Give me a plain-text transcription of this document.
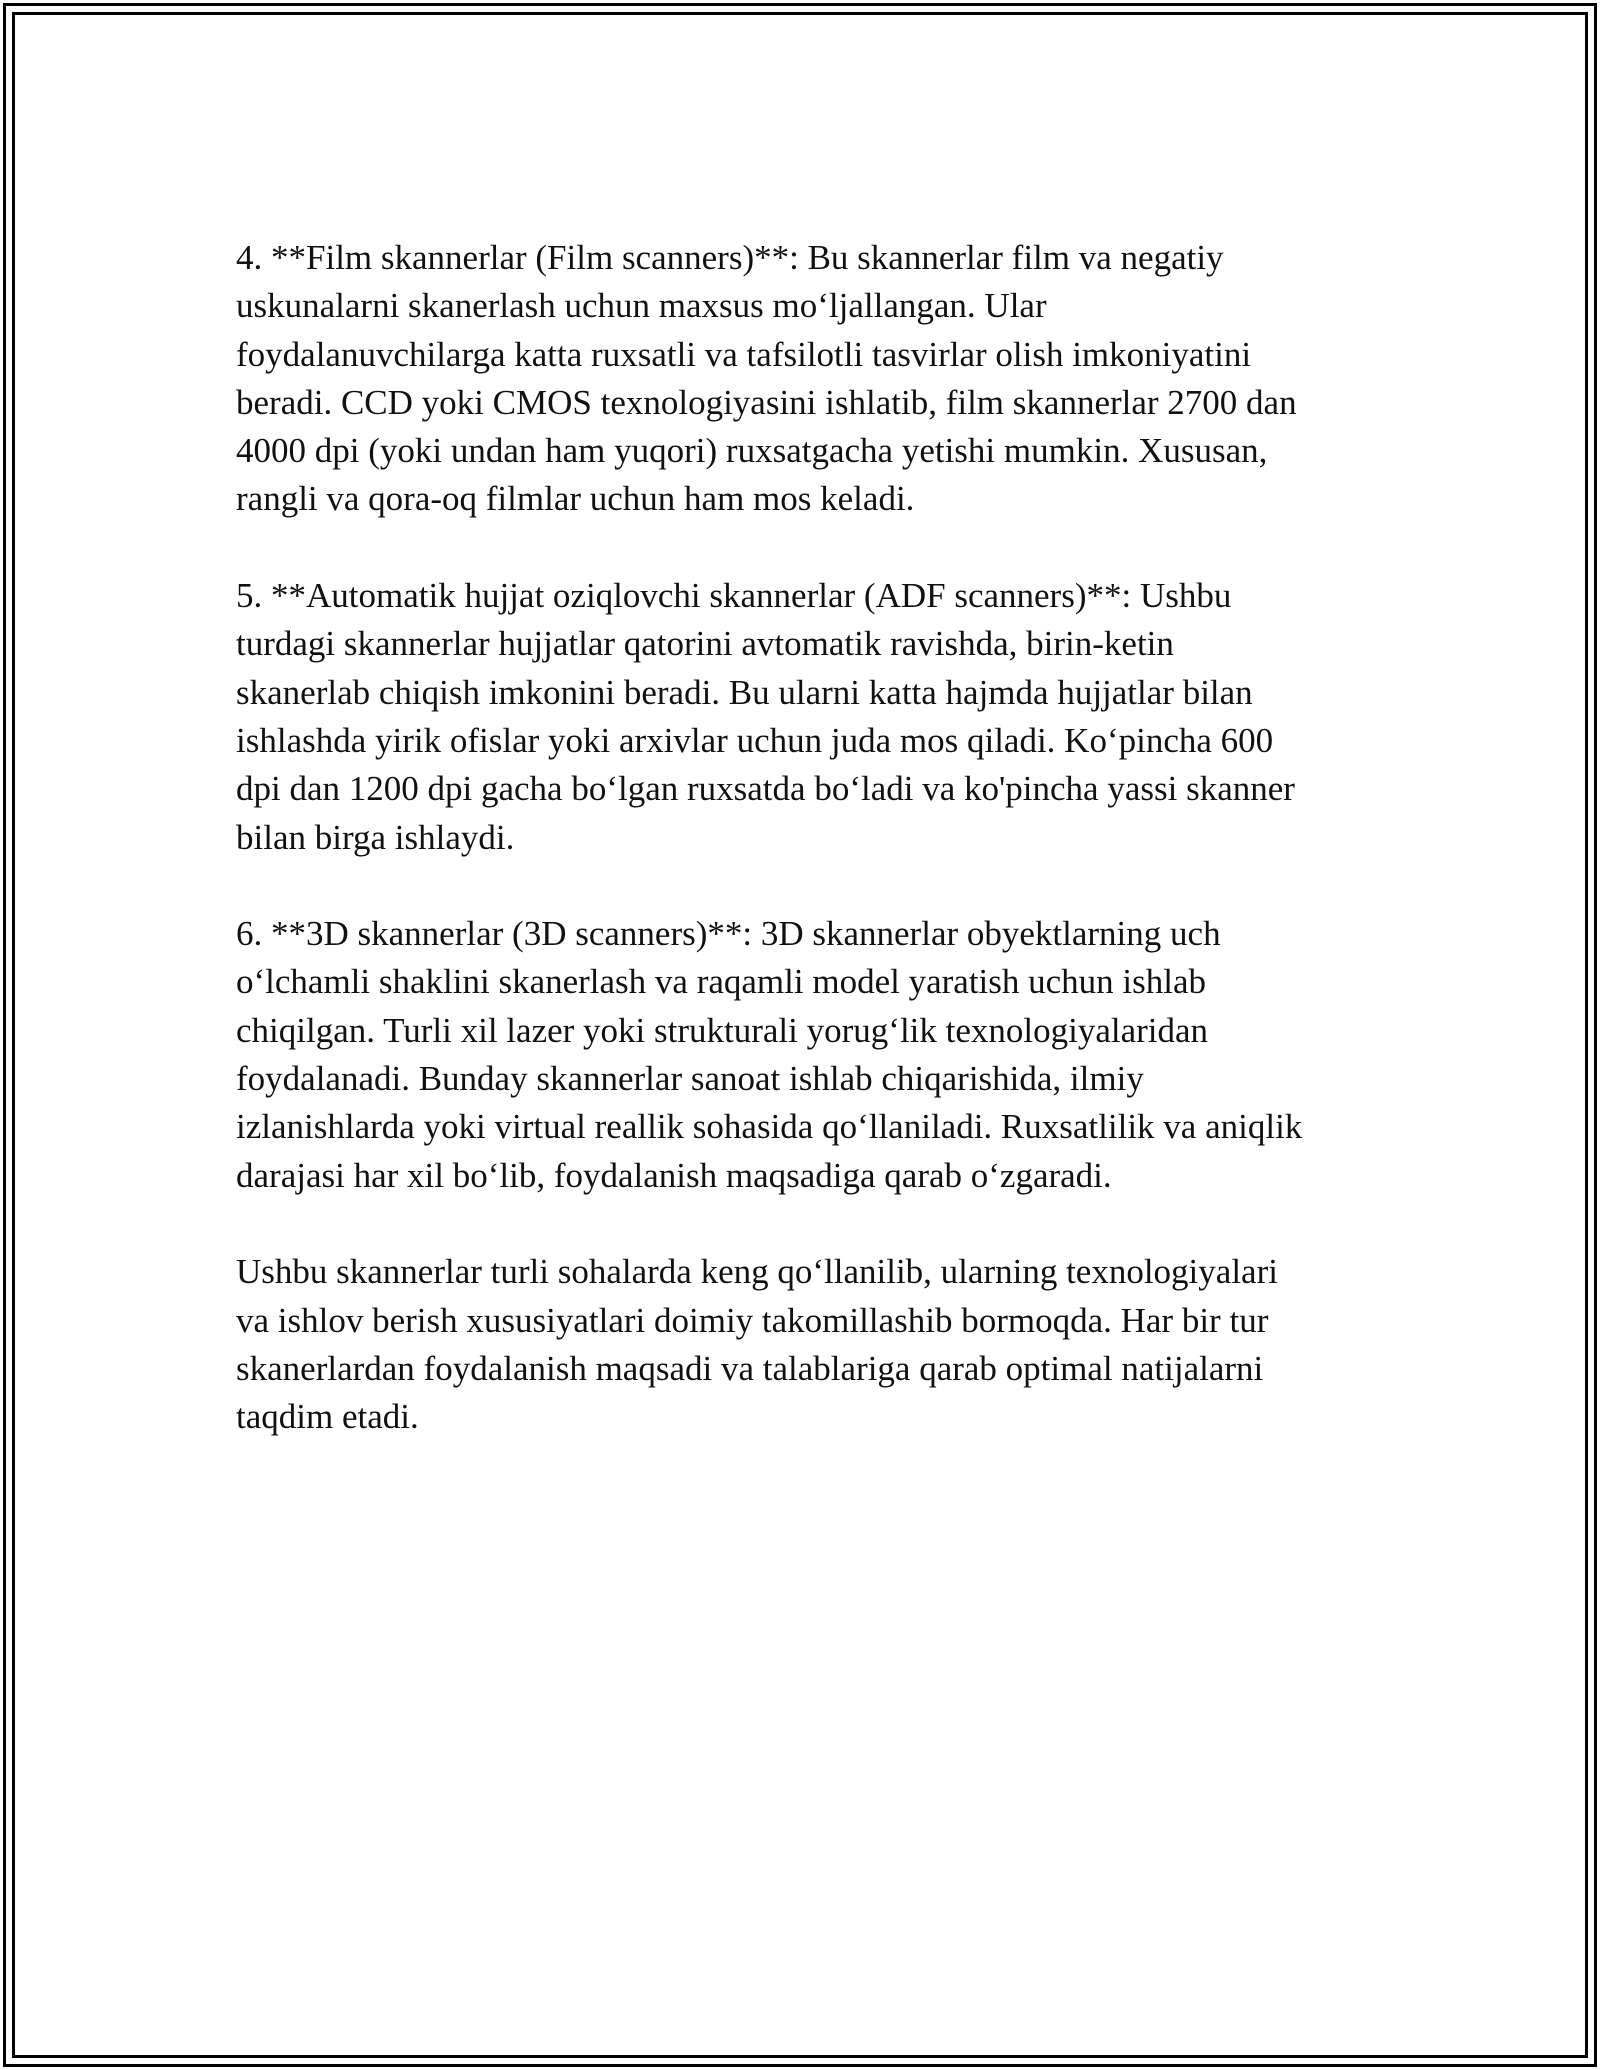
4. **Film skannerlar (Film scanners)**: Bu skannerlar film va negatiy
uskunalarni skanerlash uchun maxsus mo‘ljallangan. Ular
foydalanuvchilarga katta ruxsatli va tafsilotli tasvirlar olish imkoniyatini
beradi. CCD yoki CMOS texnologiyasini ishlatib, film skannerlar 2700 dan
4000 dpi (yoki undan ham yuqori) ruxsatgacha yetishi mumkin. Xususan,
rangli va qora-oq filmlar uchun ham mos keladi.

5. **Automatik hujjat oziqlovchi skannerlar (ADF scanners)**: Ushbu
turdagi skannerlar hujjatlar qatorini avtomatik ravishda, birin-ketin
skanerlab chiqish imkonini beradi. Bu ularni katta hajmda hujjatlar bilan
ishlashda yirik ofislar yoki arxivlar uchun juda mos qiladi. Ko‘pincha 600
dpi dan 1200 dpi gacha bo‘lgan ruxsatda bo‘ladi va ko'pincha yassi skanner
bilan birga ishlaydi.

6. **3D skannerlar (3D scanners)**: 3D skannerlar obyektlarning uch
o‘lchamli shaklini skanerlash va raqamli model yaratish uchun ishlab
chiqilgan. Turli xil lazer yoki strukturali yorug‘lik texnologiyalaridan
foydalanadi. Bunday skannerlar sanoat ishlab chiqarishida, ilmiy
izlanishlarda yoki virtual reallik sohasida qo‘llaniladi. Ruxsatlilik va aniqlik
darajasi har xil bo‘lib, foydalanish maqsadiga qarab o‘zgaradi.

Ushbu skannerlar turli sohalarda keng qo‘llanilib, ularning texnologiyalari
va ishlov berish xususiyatlari doimiy takomillashib bormoqda. Har bir tur
skanerlardan foydalanish maqsadi va talablariga qarab optimal natijalarni
taqdim etadi.
